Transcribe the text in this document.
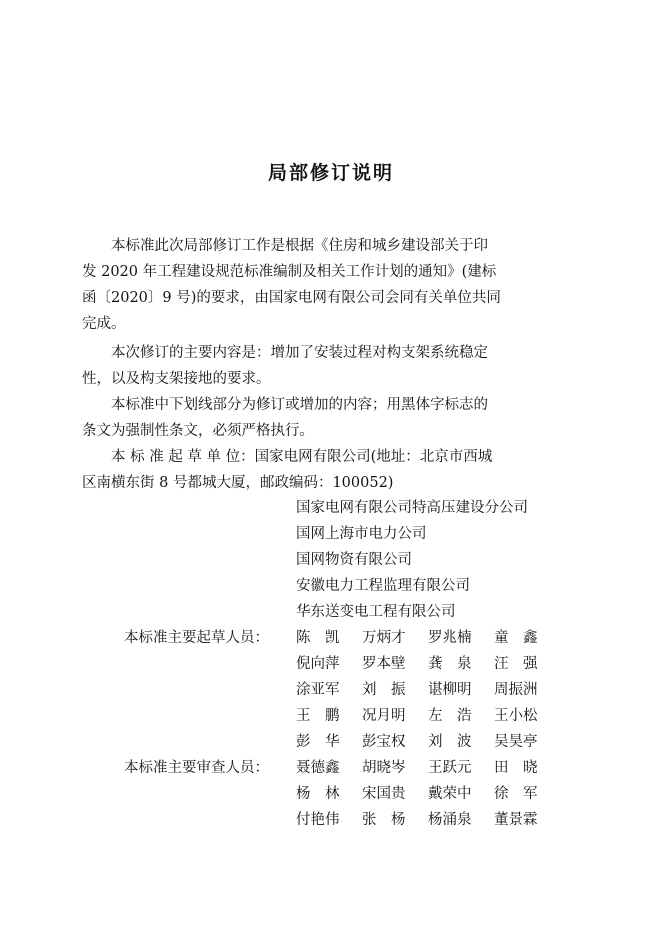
局部修订说明
　　本标准此次局部修订工作是根据《住房和城乡建设部关于印
发 2020 年工程建设规范标准编制及相关工作计划的通知》(建标
函〔2020〕9 号)的要求，由国家电网有限公司会同有关单位共同
完成。
　　本次修订的主要内容是：增加了安装过程对构支架系统稳定
性，以及构支架接地的要求。
　　本标准中下划线部分为修订或增加的内容；用黑体字标志的
条文为强制性条文，必须严格执行。
　　本 标 准 起 草 单 位：国家电网有限公司(地址：北京市西城
区南横东街 8 号都城大厦，邮政编码：100052)
国家电网有限公司特高压建设分公司
国网上海市电力公司
国网物资有限公司
安徽电力工程监理有限公司
华东送变电工程有限公司
本标准主要起草人员： 陈　凯	万炳才	罗兆楠	童　鑫
倪向萍	罗本壁	龚　泉	汪　强
涂亚军	刘　振	谌柳明	周振洲
王　鹏	况月明	左　浩	王小松
彭　华	彭宝权	刘　波	吴昊亭
本标准主要审查人员： 聂德鑫	胡晓岑	王跃元	田　晓
杨　林	宋国贵	戴荣中	徐　军
付艳伟	张　杨	杨涌泉	董景霖
